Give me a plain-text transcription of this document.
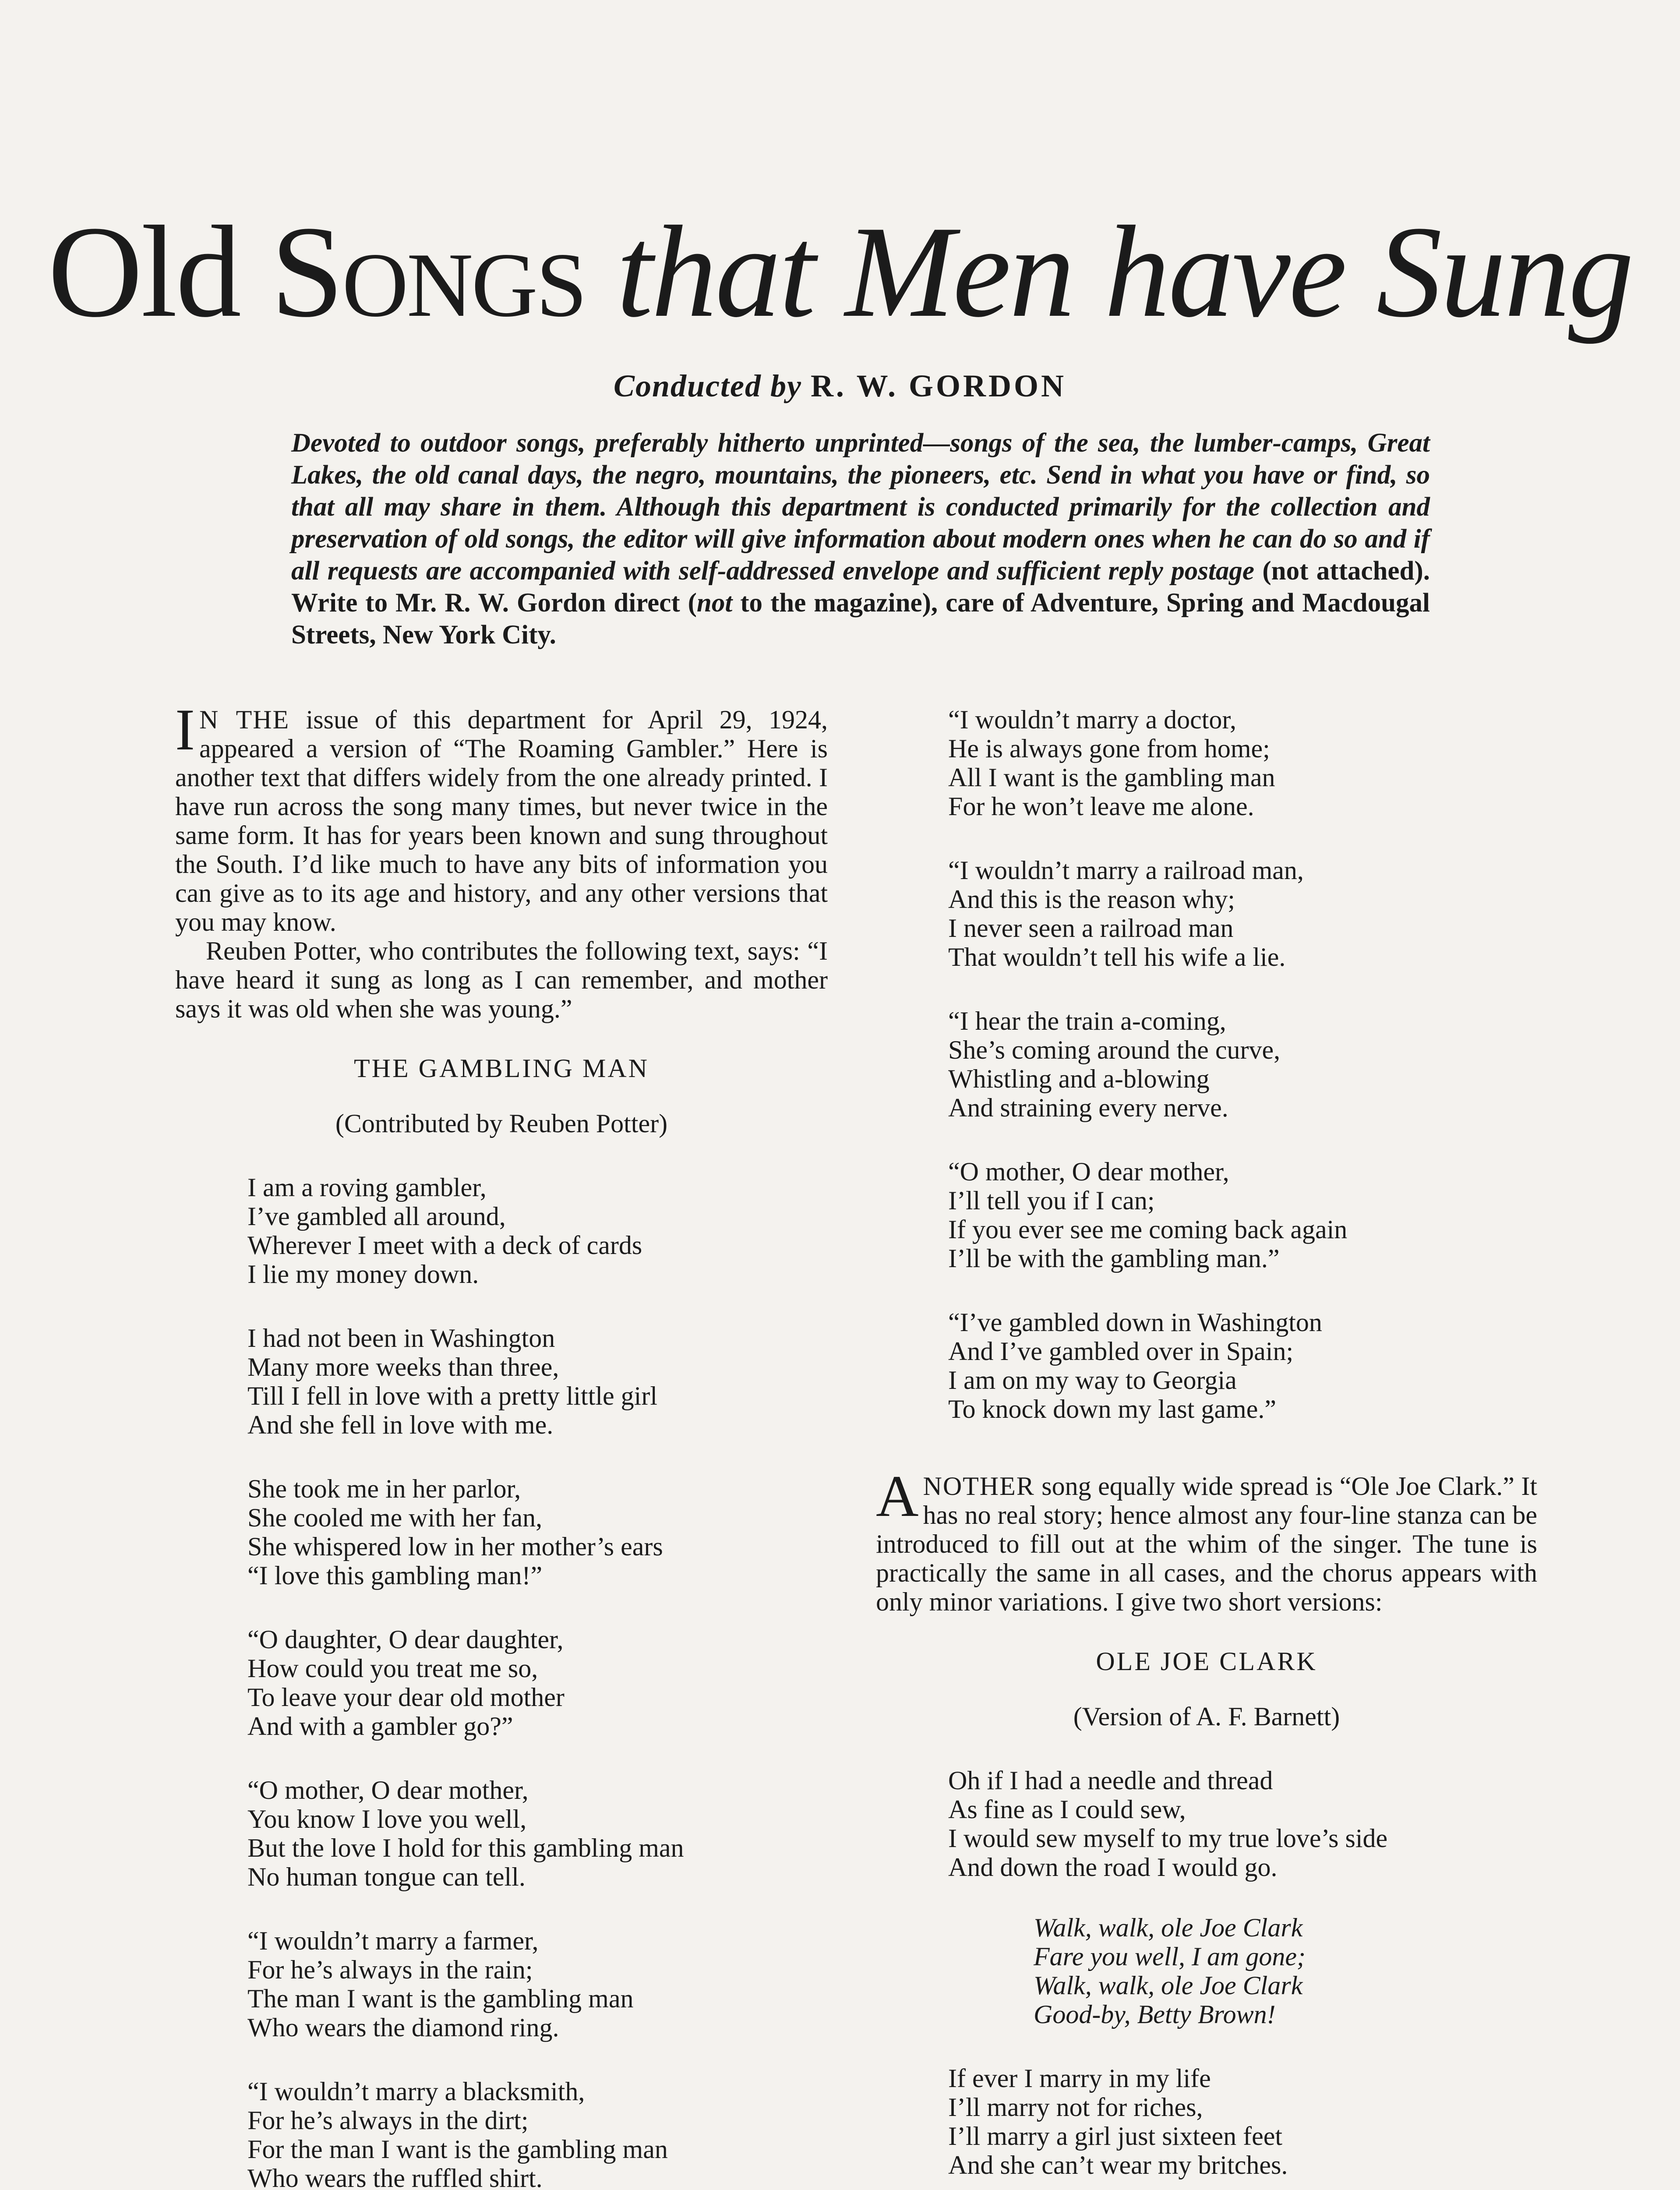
Old Songs that Men have Sung
Conducted by R. W. GORDON
Devoted to outdoor songs, preferably hitherto unprinted—songs of the sea, the lumber-camps, Great Lakes, the old canal days, the negro, mountains, the pioneers, etc. Send in what you have or find, so that all may share in them. Although this department is conducted primarily for the collection and preservation of old songs, the editor will give information about modern ones when he can do so and if all requests are accompanied with self-addressed envelope and sufficient reply postage (not attached). Write to Mr. R. W. Gordon direct (not to the magazine), care of Adventure, Spring and Macdougal Streets, New York City.

I N THE issue of this department for April 29, 1924, appeared a version of “The Roaming Gambler.” Here is another text that differs widely from the one already printed. I have run across the song many times, but never twice in the same form. It has for years been known and sung throughout the South. I’d like much to have any bits of information you can give as to its age and history, and any other versions that you may know.

Reuben Potter, who contributes the following text, says: “I have heard it sung as long as I can remember, and mother says it was old when she was young.”

THE GAMBLING MAN
(Contributed by Reuben Potter)
I am a roving gambler,
I’ve gambled all around,
Wherever I meet with a deck of cards
I lie my money down.
I had not been in Washington
Many more weeks than three,
Till I fell in love with a pretty little girl
And she fell in love with me.
She took me in her parlor,
She cooled me with her fan,
She whispered low in her mother’s ears
“I love this gambling man!”
“O daughter, O dear daughter,
How could you treat me so,
To leave your dear old mother
And with a gambler go?”
“O mother, O dear mother,
You know I love you well,
But the love I hold for this gambling man
No human tongue can tell.
“I wouldn’t marry a farmer,
For he’s always in the rain;
The man I want is the gambling man
Who wears the diamond ring.
“I wouldn’t marry a blacksmith,
For he’s always in the dirt;
For the man I want is the gambling man
Who wears the ruffled shirt.
“I wouldn’t marry a doctor,
He is always gone from home;
All I want is the gambling man
For he won’t leave me alone.
“I wouldn’t marry a railroad man,
And this is the reason why;
I never seen a railroad man
That wouldn’t tell his wife a lie.
“I hear the train a-coming,
She’s coming around the curve,
Whistling and a-blowing
And straining every nerve.
“O mother, O dear mother,
I’ll tell you if I can;
If you ever see me coming back again
I’ll be with the gambling man.”
“I’ve gambled down in Washington
And I’ve gambled over in Spain;
I am on my way to Georgia
To knock down my last game.”

ANOTHER song equally wide spread is “Ole Joe Clark.” It has no real story; hence almost any four-line stanza can be introduced to fill out at the whim of the singer. The tune is practically the same in all cases, and the chorus appears with only minor variations. I give two short versions:

OLE JOE CLARK
(Version of A. F. Barnett)
Oh if I had a needle and thread
As fine as I could sew,
I would sew myself to my true love’s side
And down the road I would go.
Walk, walk, ole Joe Clark
Fare you well, I am gone;
Walk, walk, ole Joe Clark
Good-by, Betty Brown!
If ever I marry in my life
I’ll marry not for riches,
I’ll marry a girl just sixteen feet
And she can’t wear my britches.
